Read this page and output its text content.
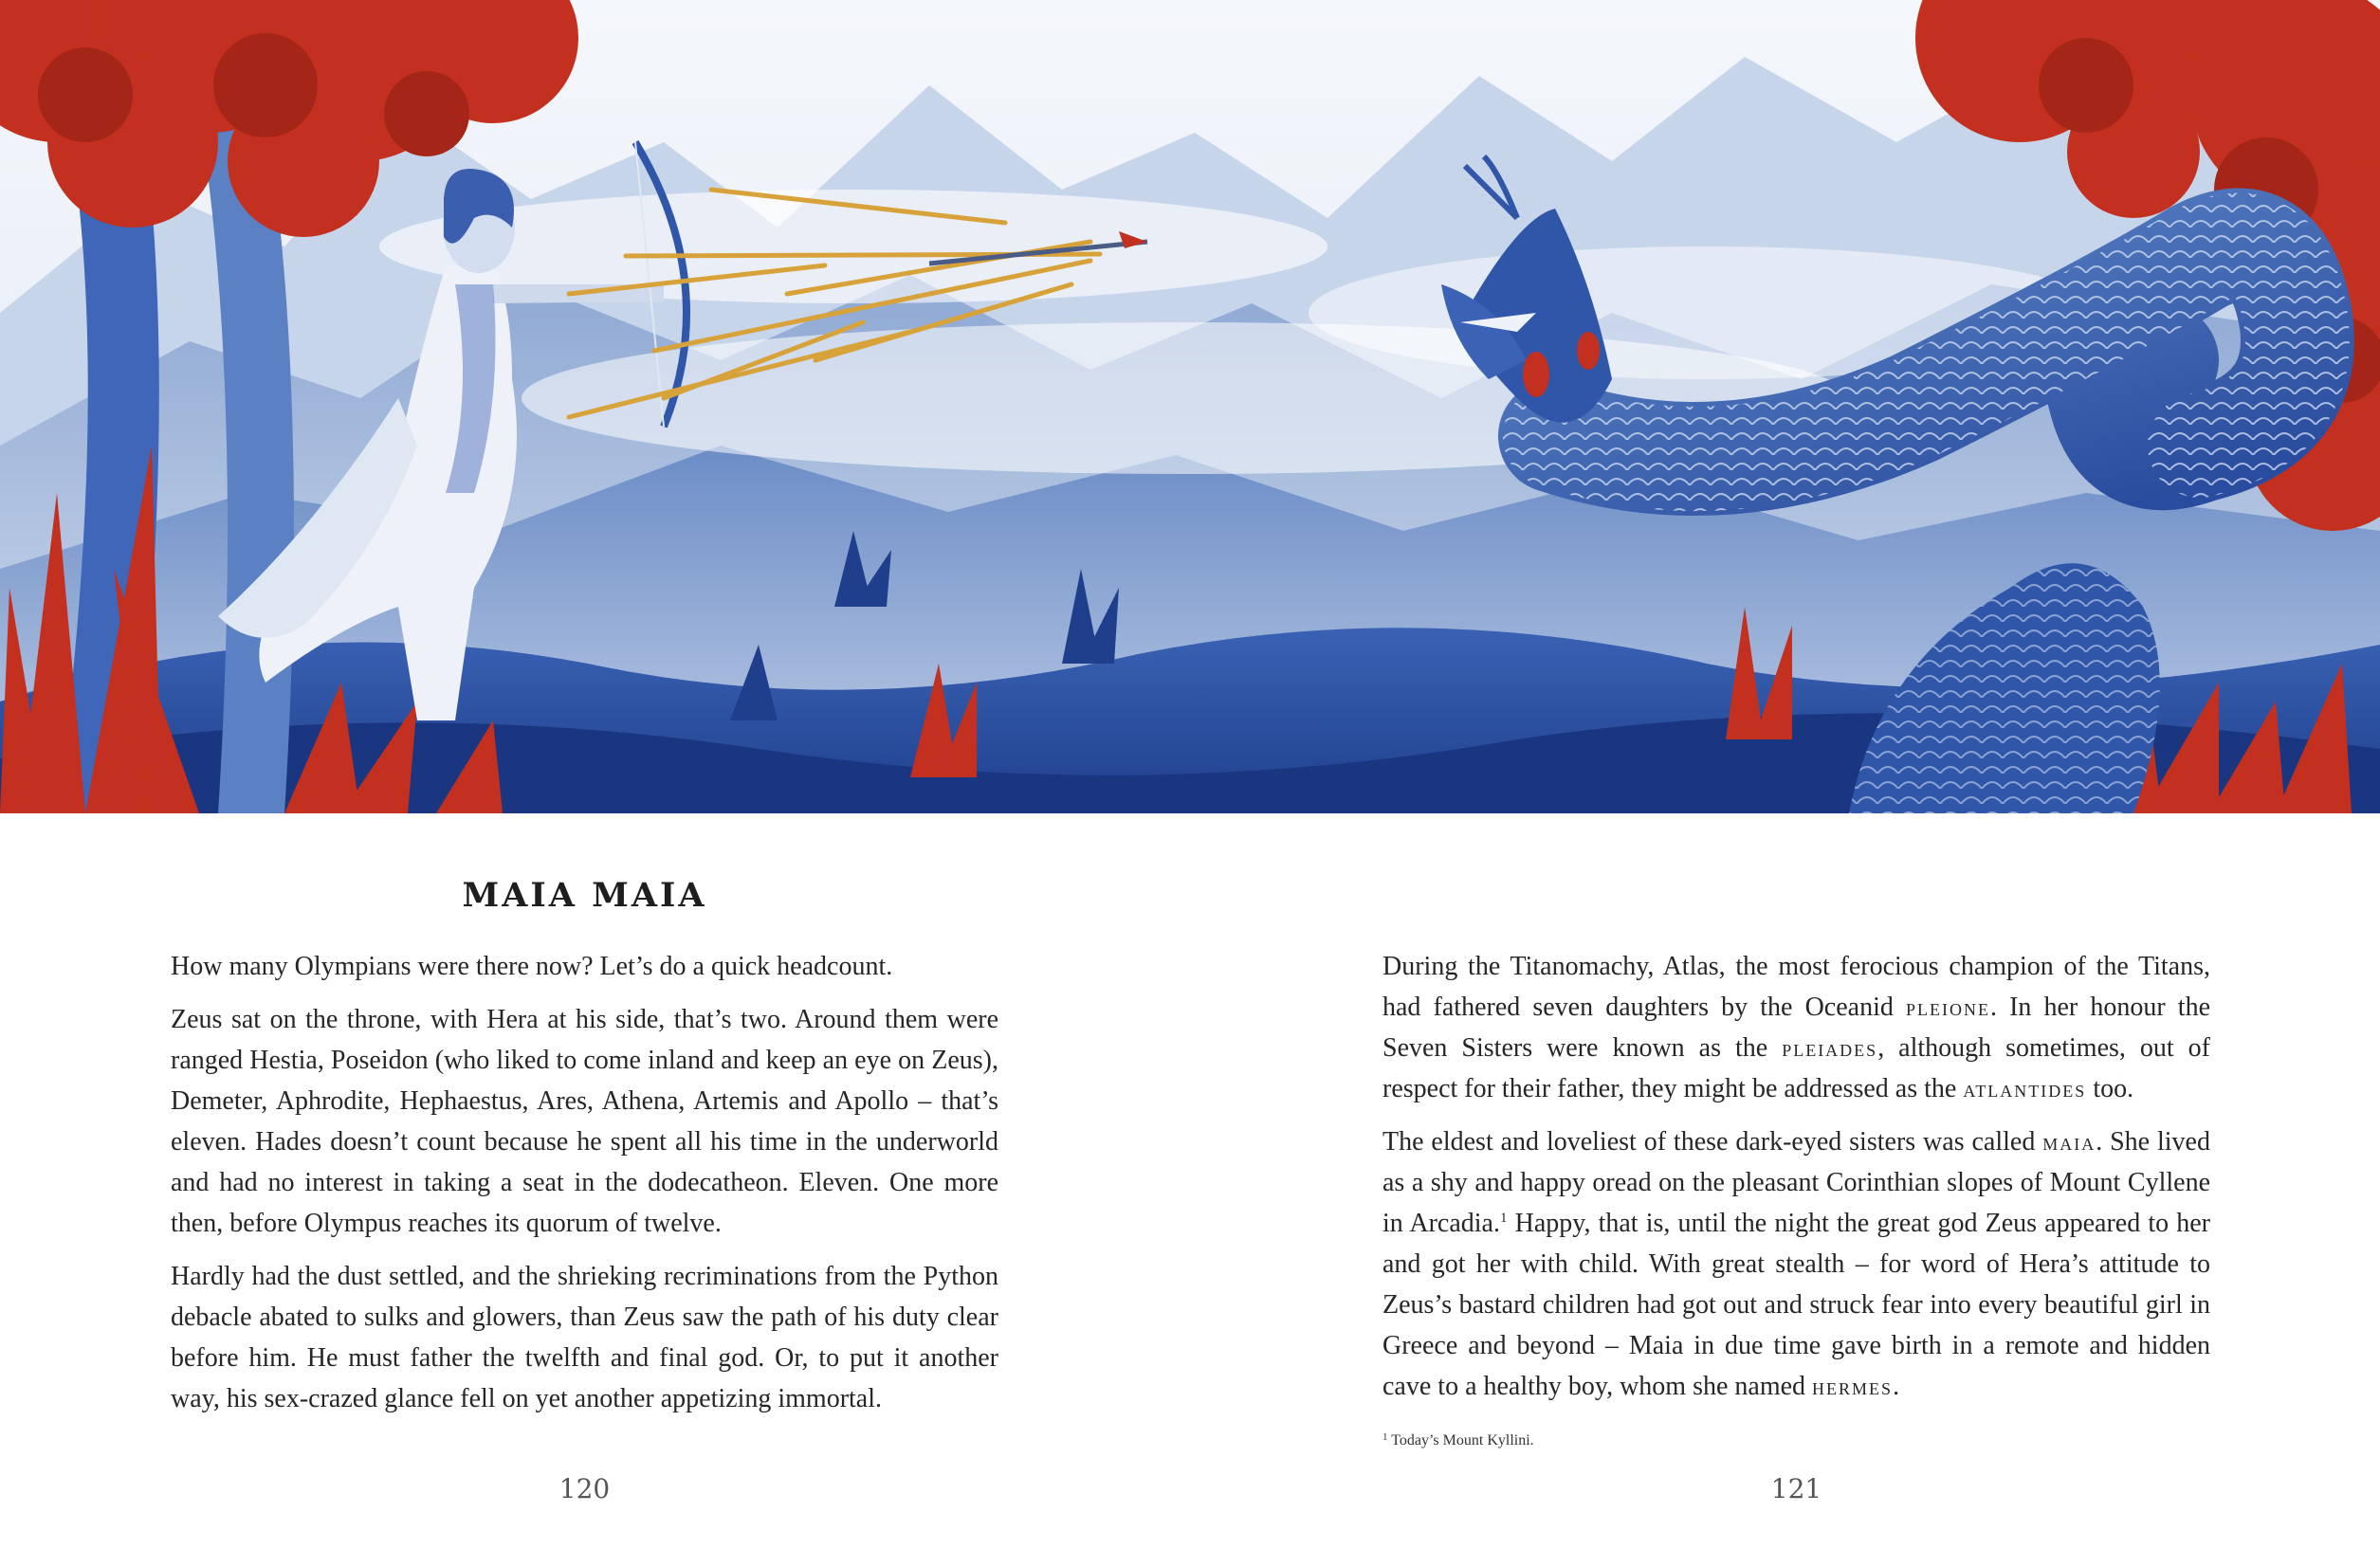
MAIA MAIA

How many Olympians were there now? Let’s do a quick headcount.

Zeus sat on the throne, with Hera at his side, that’s two. Around them were ranged Hestia, Poseidon (who liked to come inland and keep an eye on Zeus), Demeter, Aphrodite, Hephaestus, Ares, Athena, Artemis and Apollo – that’s eleven. Hades doesn’t count because he spent all his time in the underworld and had no interest in taking a seat in the dodecatheon. Eleven. One more then, before Olympus reaches its quorum of twelve.

Hardly had the dust settled, and the shrieking recriminations from the Python debacle abated to sulks and glowers, than Zeus saw the path of his duty clear before him. He must father the twelfth and final god. Or, to put it another way, his sex-crazed glance fell on yet another appetizing immortal.

120

During the Titanomachy, Atlas, the most ferocious champion of the Titans, had fathered seven daughters by the Oceanid pleione. In her honour the Seven Sisters were known as the pleiades, although sometimes, out of respect for their father, they might be addressed as the atlantides too.

The eldest and loveliest of these dark-eyed sisters was called maia. She lived as a shy and happy oread on the pleasant Corinthian slopes of Mount Cyllene in Arcadia.$^1$ Happy, that is, until the night the great god Zeus appeared to her and got her with child. With great stealth – for word of Hera’s attitude to Zeus’s bastard children had got out and struck fear into every beautiful girl in Greece and beyond – Maia in due time gave birth in a remote and hidden cave to a healthy boy, whom she named hermes.

$^1$ Today’s Mount Kyllini.

121
